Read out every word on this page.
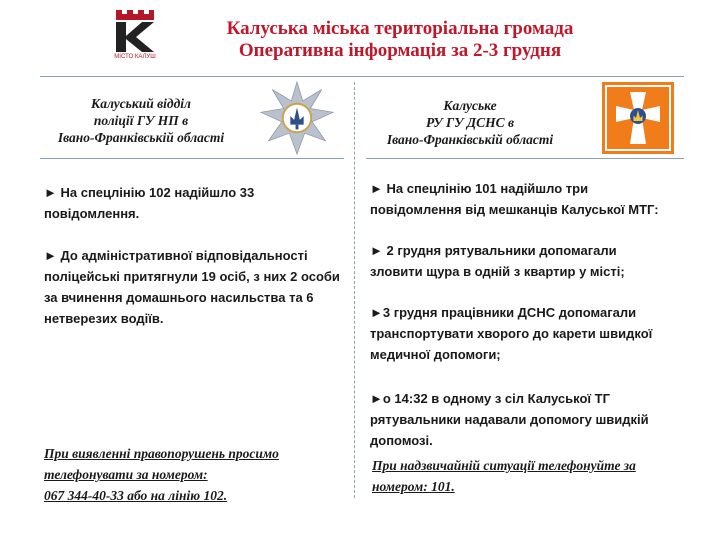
МІСТО КАЛУШ
Калуська міська територіальна громада
Оперативна інформація за 2-3 грудня
Калуський відділ
поліції ГУ НП в
Івано-Франківській області
► На спецлінію 102 надійшло 33 повідомлення.
► До адміністративної відповідальності поліцейські притягнули 19 осіб, з них 2 особи за вчинення домашнього насильства та 6 нетверезих водіїв.
При виявленні правопорушень просимо телефонувати за номером:
067 344-40-33 або на лінію 102.
Калуське
РУ ГУ ДСНС в
Івано-Франківській області
► На спецлінію 101 надійшло три повідомлення від мешканців Калуської МТГ:
► 2 грудня рятувальники допомагали зловити щура в одній з квартир у місті;
►3 грудня працівники ДСНС допомагали транспортувати хворого до карети швидкої медичної допомоги;
►о 14:32 в одному з сіл Калуської ТГ рятувальники надавали допомогу швидкій допомозі.
При надзвичайній ситуації телефонуйте за номером: 101.
